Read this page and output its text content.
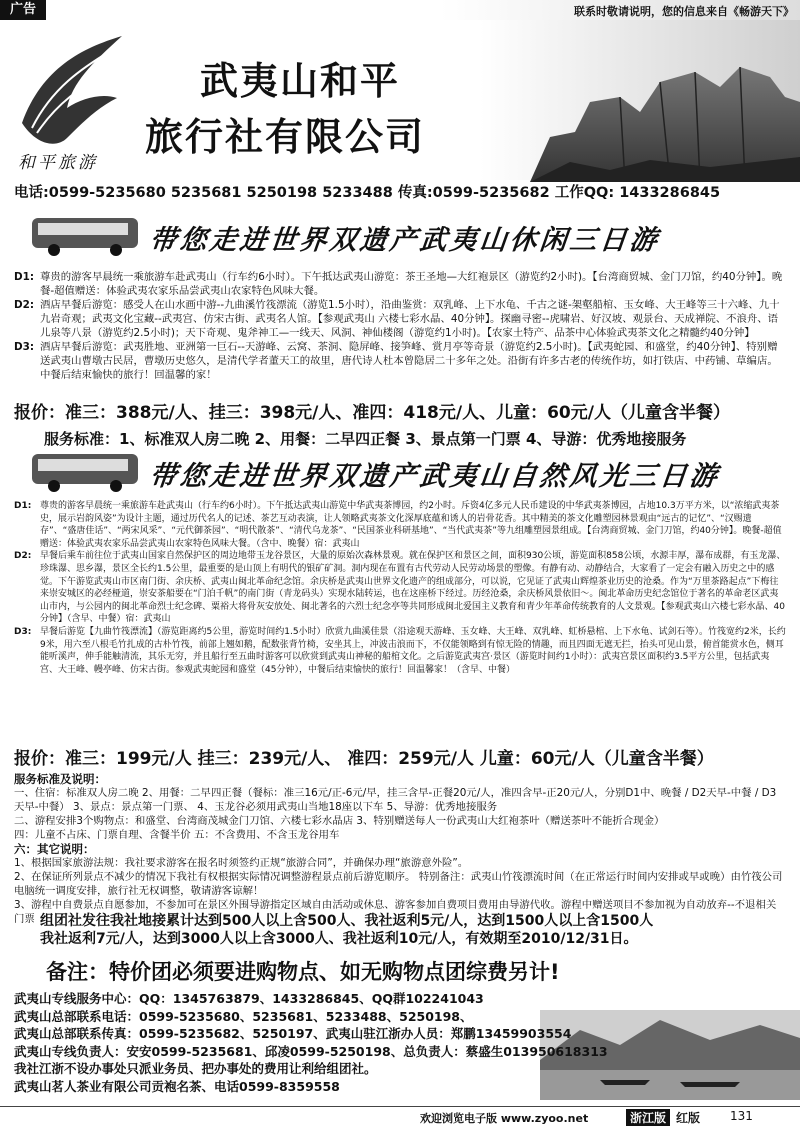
广告	联系时敬请说明，您的信息来自《畅游天下》
和平旅游
武夷山和平
旅行社有限公司
电话:0599-5235680 5235681 5250198 5233488 传真:0599-5235682 工作QQ: 1433286845
带您走进世界双遗产武夷山休闲三日游
D1: 尊贵的游客早晨统一乘旅游车赴武夷山（行车约6小时）。下午抵达武夷山游览：茶王圣地—大红袍景区（游览约2小时)。【台湾商贸城、金门刀馆，约40分钟】。晚餐-超值赠送：体验武夷农家乐品尝武夷山农家特色风味大餐。
D2: 酒店早餐后游览：感受人在山水画中游--九曲溪竹筏漂流（游览1.5小时），沿曲鉴赏：双乳峰、上下水龟、千古之谜-架壑船棺、玉女峰、大王峰等三十六峰、九十九岩奇观；武夷文化宝藏--武夷宫、仿宋古街、武夷名人馆。【参观武夷山 六楼七彩水晶、40分钟】。探幽寻密--虎啸岩、好汉坡、观景台、天成禅院、不浪舟、语儿泉等八景（游览约2.5小时)；天下奇观、鬼斧神工—一线天、风洞、神仙楼阁（游览约1小时)。【农家土特产、品茶中心体验武夷茶文化之精髓约40分钟】
D3: 酒店早餐后游览：武夷胜地、亚洲第一巨石--天游峰、云窝、茶洞、隐屏峰、接笋峰、赏月亭等奇景（游览约2.5小时)。【武夷蛇园、和盛堂，约40分钟】、特别赠送武夷山曹墩古民居，曹墩历史悠久，是清代学者董天工的故里，唐代诗人杜本曾隐居二十多年之处。沿街有许多古老的传统作坊，如打铁店、中药铺、草编店。中餐后结束愉快的旅行！回温馨的家！
报价：准三：388元/人、挂三：398元/人、准四：418元/人、儿童：60元/人（儿童含半餐）
服务标准：1、标准双人房二晚 2、用餐：二早四正餐 3、景点第一门票 4、导游：优秀地接服务
带您走进世界双遗产武夷山自然风光三日游
D1: 尊贵的游客早晨统一乘旅游车赴武夷山（行车约6小时）。下午抵达武夷山游览中华武夷茶博园，约2小时。斥资4亿多元人民币建设的中华武夷茶博园，占地10.3万平方米，以“浓缩武夷茶史，展示岩韵风姿”为设计主题，通过历代名人的记述、茶艺互动表演，让人领略武夷茶文化深厚底蕴和诱人的岩骨花香。其中精美的茶文化雕塑园林景观由“远古的记忆”、“汉赐遗存”、“盛唐佳话”、“两宋风采”、“元代御茶园”、“明代散茶”、“清代乌龙茶”、“民国茶业科研基地”、“当代武夷茶”等九组雕塑园景组成。【台湾商贸城、金门刀馆，约40分钟】。晚餐-超值赠送：体验武夷农家乐品尝武夷山农家特色风味大餐。（含中、晚餐）宿：武夷山
D2: 早餐后乘车前往位于武夷山国家自然保护区的周边地带玉龙谷景区，大量的原始次森林景观。就在保护区和景区之间，面积930公顷，游览面积858公顷，水源丰厚，瀑布成群，有玉龙瀑、珍珠瀑、思乡瀑，景区全长约1.5公里，最重要的是山顶上有明代的银矿矿洞。洞内现在布置有古代劳动人民劳动场景的塑像。有静有动、动静结合，大家看了一定会有融入历史之中的感觉。下午游览武夷山市区南门街、余庆桥、武夷山闽北革命纪念馆。余庆桥是武夷山世界文化遗产的组成部分，可以说，它见证了武夷山辉煌茶业历史的沧桑。作为“万里茶路起点”下梅往来崇安城区的必经桠道，崇安茶船要在“门泊千帆”的南门街（青龙码头）实现水陆转运，也在这座桥下经过。历经沧桑，余庆桥风景依旧～。闽北革命历史纪念馆位于著名的革命老区武夷山市内，与公园内的闽北革命烈士纪念碑、粟裕大将骨灰安放处、闽北著名的六烈士纪念亭等共同形成闽北爱国主义教育和青少年革命传统教育的人文景观。【参观武夷山六楼七彩水晶、40分钟】（含早、中餐）宿：武夷山
D3: 早餐后游览【九曲竹筏漂流】（游览距离约5公里，游览时间约1.5小时）欣赏九曲溪佳景（沿途观天游峰、玉女峰、大王峰、双乳峰、虹桥悬棺、上下水龟、试剑石等）。竹筏宽约2米，长约9米，用六至八根毛竹扎成的古朴竹筏，前部上翘如鹅，配数张背竹椅，安坐其上，冲波击浪而下，不仅能领略到有惊无险的情趣，而且四面无遮无拦，抬头可见山景，俯首能赏水色，侧耳能听溪声，伸手能触清流，其乐无穷，并且船行至五曲时游客可以欣赏到武夷山神秘的船棺文化。之后游览武夷宫·景区（游览时间约1小时）：武夷宫景区面积约3.5平方公里，包括武夷宫、大王峰、幔亭峰、仿宋古街。参观武夷蛇园和盛堂（45分钟），中餐后结束愉快的旅行！回温馨家！（含早、中餐）
报价：准三：199元/人 挂三：239元/人、 准四：259元/人 儿童：60元/人（儿童含半餐）
服务标准及说明：
一、住宿：标准双人房二晚 2、用餐：二早四正餐（餐标：准三16元/正-6元/早，挂三含早-正餐20元/人，准四含早-正20元/人，分别D1中、晚餐 / D2天早-中餐 / D3天早-中餐） 3、景点：景点第一门票、 4、玉龙谷必须用武夷山当地18座以下车 5、导游：优秀地接服务
二、游程安排3个购物点：和盛堂、台湾商茂城金门刀馆、六楼七彩水晶店 3、特别赠送每人一份武夷山大红袍茶叶（赠送茶叶不能折合现金）
四：儿童不占床、门票自理、含餐半价 五：不含费用、不含玉龙谷用车
六：其它说明：
1、根据国家旅游法规：我社要求游客在报名时须签约正规“旅游合同”，并确保办理“旅游意外险”。
2、在保证所列景点不减少的情况下我社有权根据实际情况调整游程景点前后游览顺序。 特别备注：武夷山竹筏漂流时间（在正常运行时间内安排或早或晚）由竹筏公司电脑统一调度安排，旅行社无权调整，敬请游客谅解！
3、游程中自费景点自愿参加，不参加可在景区外围导游指定区域自由活动或休息、游客参加自费项目费用由导游代收。游程中赠送项目不参加视为自动放弃--不退相关门票 组团社发往我社地接累计达到500人以上含500人、我社返利5元/人，达到1500人以上含1500人
我社返利7元/人，达到3000人以上含3000人、我社返利10元/人，有效期至2010/12/31日。
备注：特价团必须要进购物点、如无购物点团综费另计!
武夷山专线服务中心：QQ：1345763879、1433286845、QQ群102241043
武夷山总部联系电话：0599-5235680、5235681、5233488、5250198、
武夷山总部联系传真：0599-5235682、5250197、武夷山驻江浙办人员：郑鹏13459903554
武夷山专线负责人：安安0599-5235681、邱凌0599-5250198、总负责人：蔡盛生013950618313
我社江浙不设办事处只派业务员、把办事处的费用让利给组团社。
武夷山茗人茶业有限公司贡袍名茶、电话0599-8359558
欢迎浏览电子版 www.zyoo.net	浙江版 红版 131
